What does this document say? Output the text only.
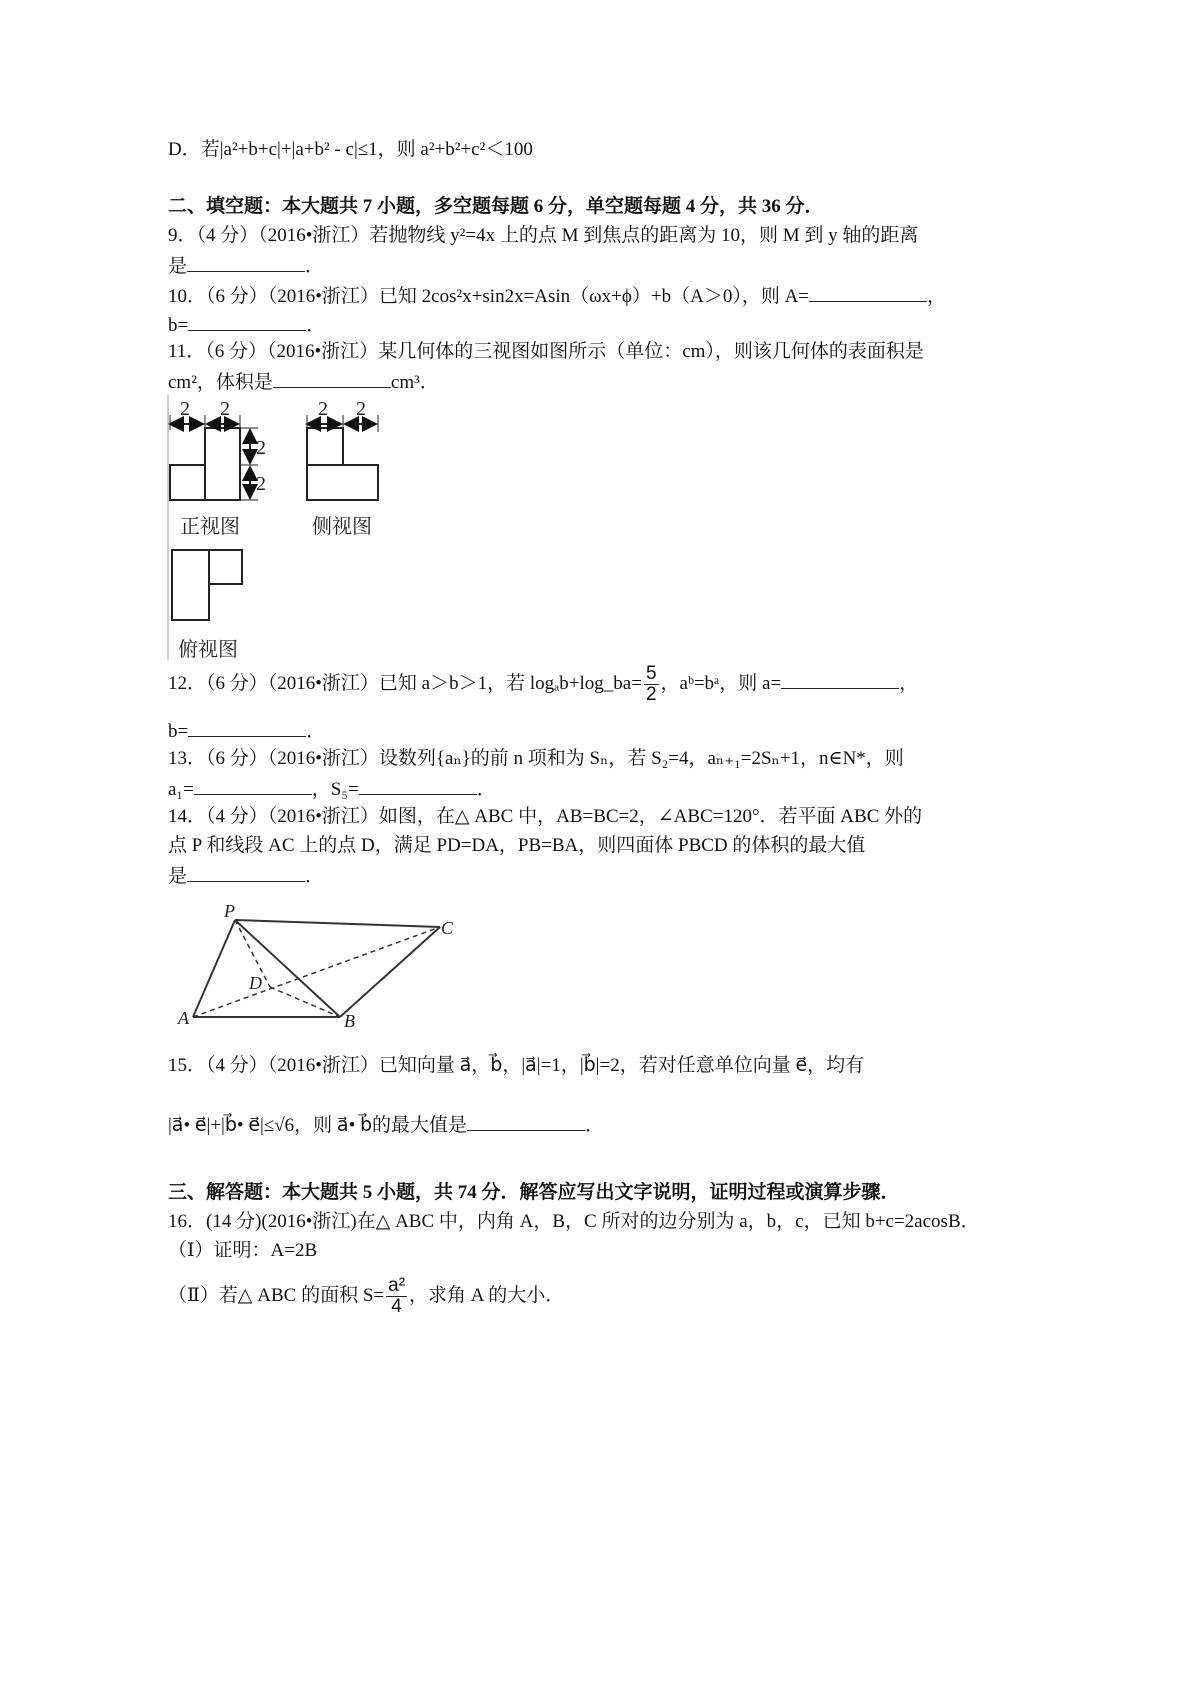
D．若|a²+b+c|+|a+b² - c|≤1，则 a²+b²+c²＜100
二、填空题：本大题共 7 小题，多空题每题 6 分，单空题每题 4 分，共 36 分．
9．（4 分）（2016•浙江）若抛物线 y²=4x 上的点 M 到焦点的距离为 10，则 M 到 y 轴的距离
是	．
10．（6 分）（2016•浙江）已知 2cos²x+sin2x=Asin（ωx+ϕ）+b（A＞0），则 A=	，
b=	．
11．（6 分）（2016•浙江）某几何体的三视图如图所示（单位：cm），则该几何体的表面积是
cm²，体积是	cm³．
2 2
2
2
2 2
正视图	侧视图
俯视图
P
C
A	B
D
12．（6 分）（2016•浙江）已知 a＞b＞1，若 logₐb+log_ba= $\frac{5}{2}$ ，aᵇ=bᵃ，则 a=	，
b=	．
13．（6 分）（2016•浙江）设数列{aₙ}的前 n 项和为 Sₙ，若 S₂=4，aₙ₊₁=2Sₙ+1，n∈N*，则
a₁=	，S₅=	．
14．（4 分）（2016•浙江）如图，在△ ABC 中，AB=BC=2，∠ABC=120°．若平面 ABC 外的
点 P 和线段 AC 上的点 D，满足 PD=DA，PB=BA，则四面体 PBCD 的体积的最大值
是	．
15．（4 分）（2016•浙江）已知向量 a⃗，b⃗，|a⃗|=1，|b⃗|=2，若对任意单位向量 e⃗，均有
|a⃗• e⃗|+|b⃗• e⃗|≤√6，则 a⃗• b⃗的最大值是	．
三、解答题：本大题共 5 小题，共 74 分．解答应写出文字说明，证明过程或演算步骤．
16．(14 分)(2016•浙江)在△ ABC 中，内角 A，B，C 所对的边分别为 a，b，c，已知 b+c=2acosB．
（Ⅰ）证明：A=2B
（Ⅱ）若△ ABC 的面积 $S= \frac{\text{a²}}{4}$ ，求角 A 的大小．
